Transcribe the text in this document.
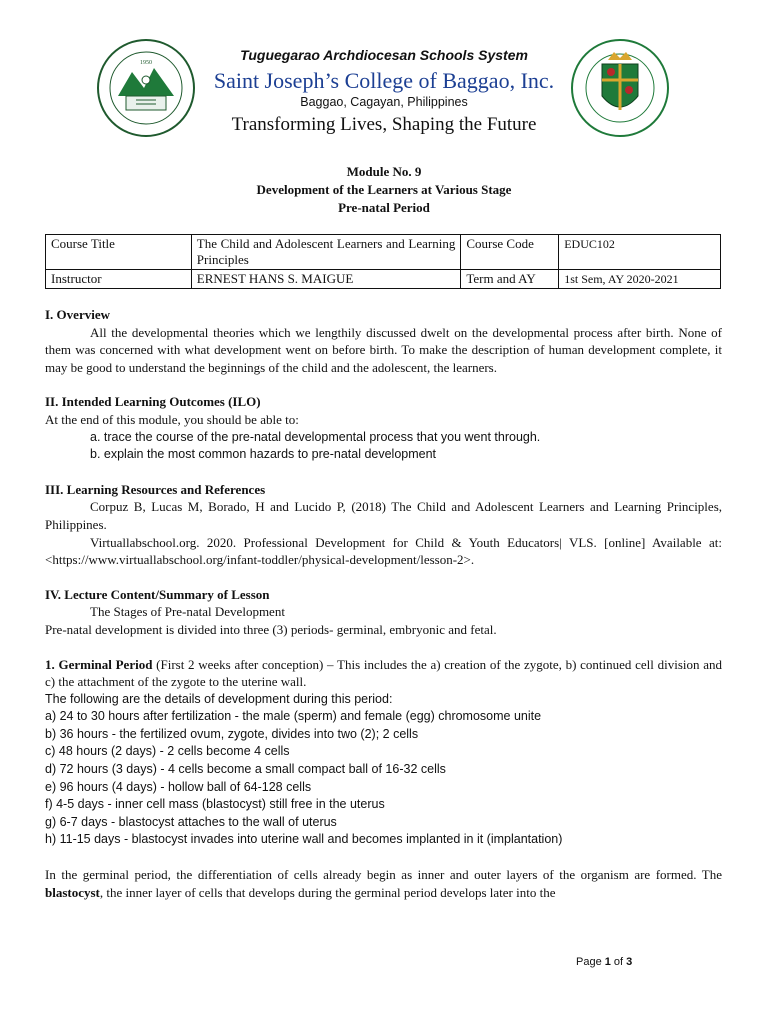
1950	Tuguegarao Archdiocesan Schools System
Saint Joseph’s College of Baggao, Inc.
Baggao, Cagayan, Philippines
Transforming Lives, Shaping the Future
Module No. 9
Development of the Learners at Various Stage
Pre-natal Period
Course Title	The Child and Adolescent Learners and Learning Principles	Course Code	EDUC102
Instructor	ERNEST HANS S. MAIGUE	Term and AY	1st Sem, AY 2020-2021

I. Overview

All the developmental theories which we lengthily discussed dwelt on the developmental process after birth. None of them was concerned with what development went on before birth. To make the description of human development complete, it may be good to understand the beginnings of the child and the adolescent, the learners.

II. Intended Learning Outcomes (ILO)

At the end of this module, you should be able to:

a. trace the course of the pre-natal developmental process that you went through.

b. explain the most common hazards to pre-natal development

III. Learning Resources and References

Corpuz B, Lucas M, Borado, H and Lucido P, (2018) The Child and Adolescent Learners and Learning Principles, Philippines.

Virtuallabschool.org. 2020. Professional Development for Child & Youth Educators| VLS. [online] Available at: <https://www.virtuallabschool.org/infant-toddler/physical-development/lesson-2>.

IV. Lecture Content/Summary of Lesson

The Stages of Pre-natal Development

Pre-natal development is divided into three (3) periods- germinal, embryonic and fetal.

1. Germinal Period (First 2 weeks after conception) – This includes the a) creation of the zygote, b) continued cell division and c) the attachment of the zygote to the uterine wall.

The following are the details of development during this period:

a) 24 to 30 hours after fertilization - the male (sperm) and female (egg) chromosome unite

b) 36 hours - the fertilized ovum, zygote, divides into two (2); 2 cells

c) 48 hours (2 days) - 2 cells become 4 cells

d) 72 hours (3 days) - 4 cells become a small compact ball of 16-32 cells

e) 96 hours (4 days) - hollow ball of 64-128 cells

f) 4-5 days - inner cell mass (blastocyst) still free in the uterus

g) 6-7 days - blastocyst attaches to the wall of uterus

h) 11-15 days - blastocyst invades into uterine wall and becomes implanted in it (implantation)

In the germinal period, the differentiation of cells already begin as inner and outer layers of the organism are formed. The blastocyst, the inner layer of cells that develops during the germinal period develops later into the

Page 1 of 3
